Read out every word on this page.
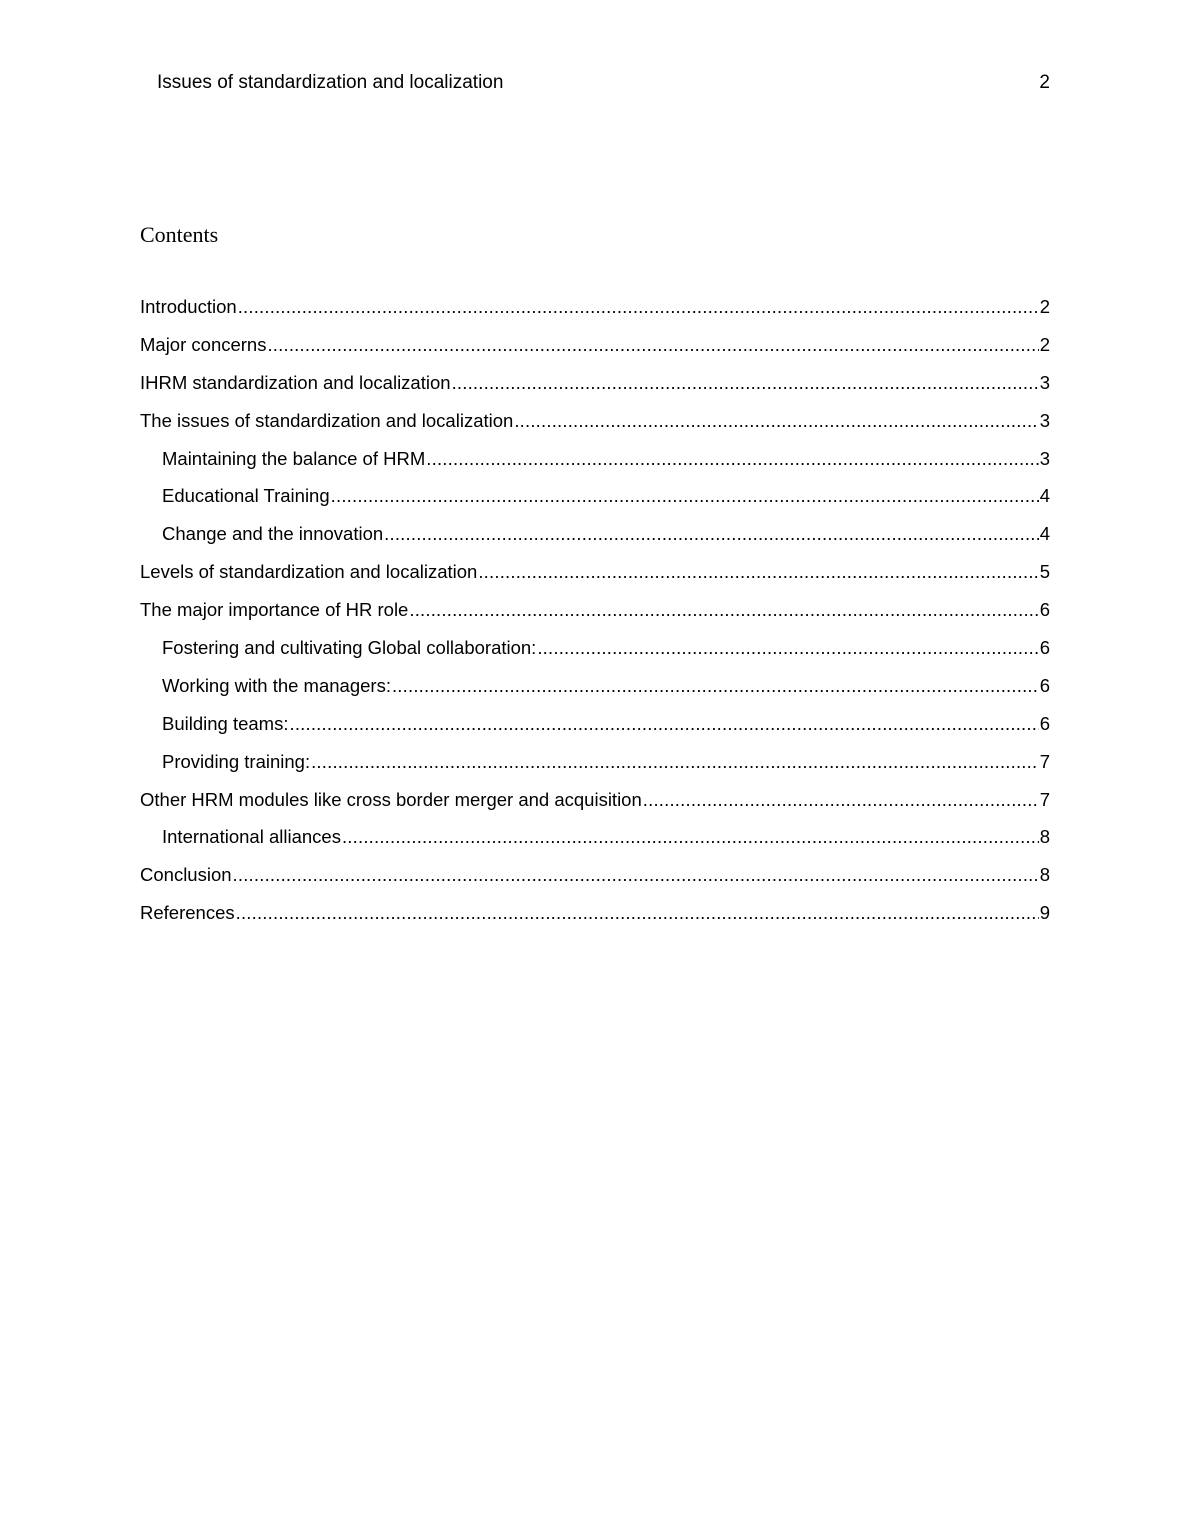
Issues of standardization and localization	2
Contents
Introduction .....	2
Major concerns .....	2
IHRM standardization and localization .....	3
The issues of standardization and localization .....	3
Maintaining the balance of HRM .....	3
Educational Training .....	4
Change and the innovation .....	4
Levels of standardization and localization .....	5
The major importance of HR role .....	6
Fostering and cultivating Global collaboration: .....	6
Working with the managers: .....	6
Building teams: .....	6
Providing training: .....	7
Other HRM modules like cross border merger and acquisition .....	7
International alliances .....	8
Conclusion .....	8
References .....	9
